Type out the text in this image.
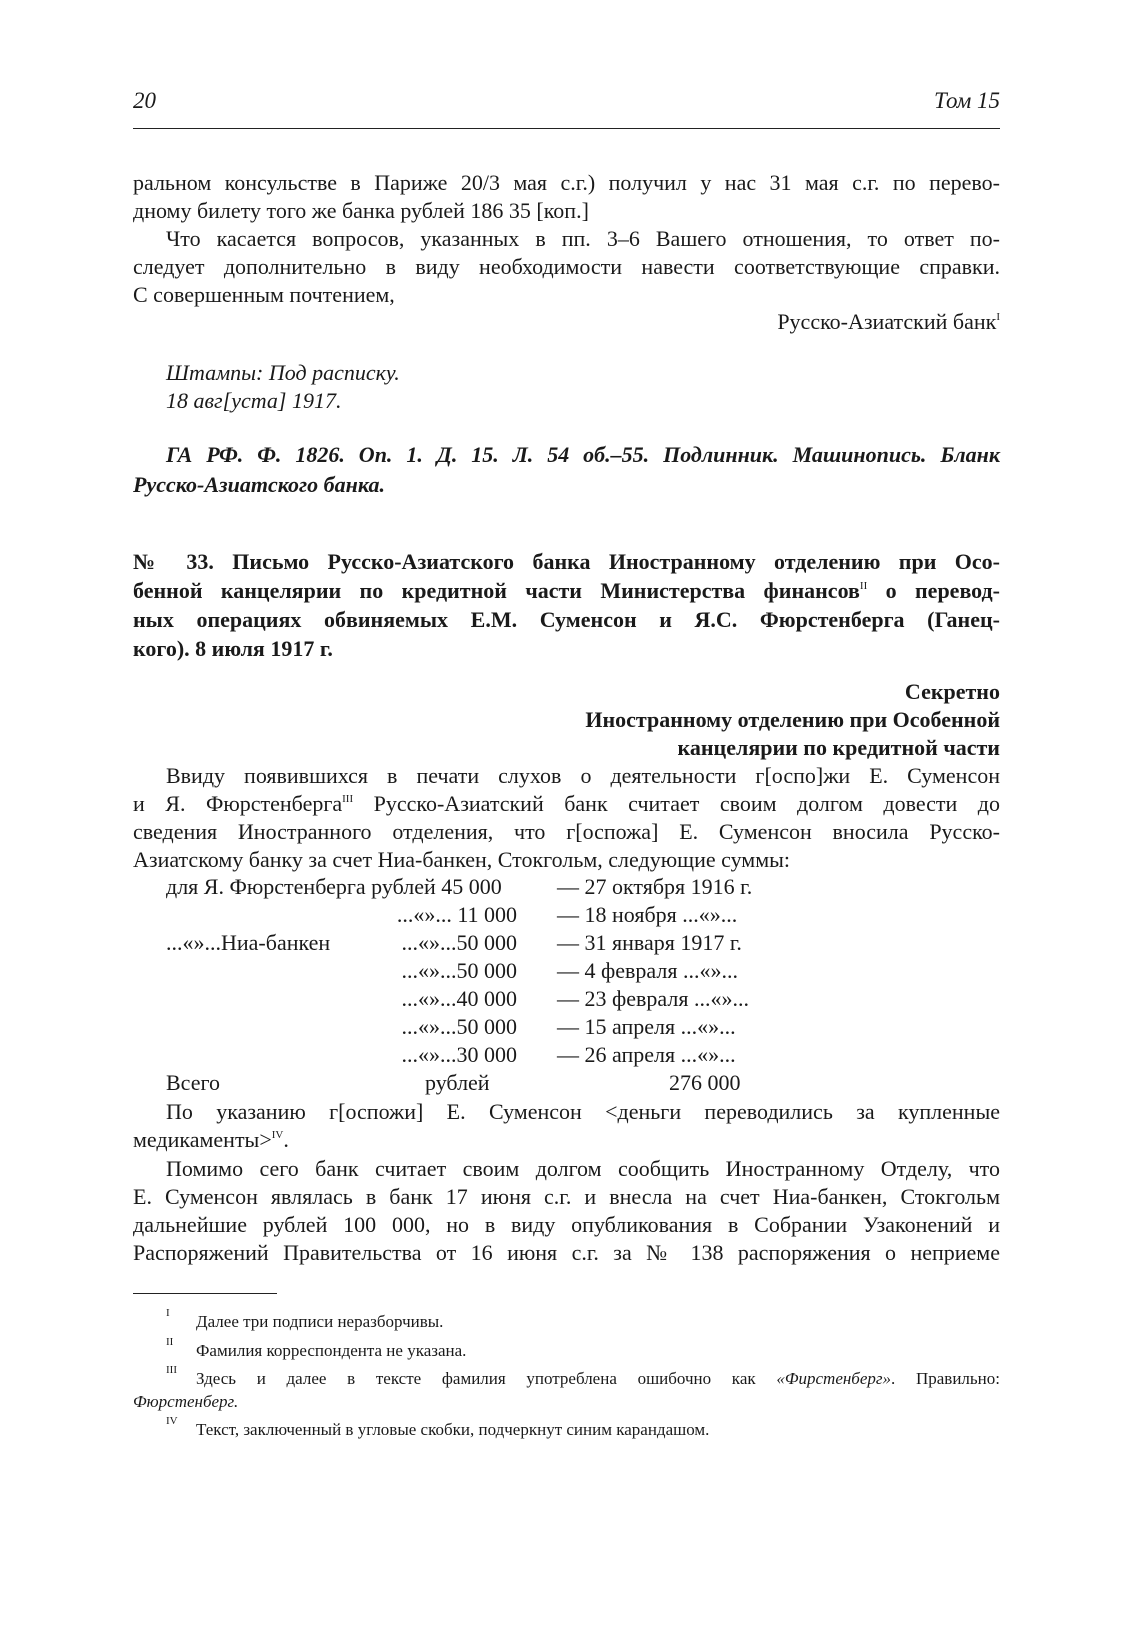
20	Том 15
ральном консульстве в Париже 20/3 мая с.г.) получил у нас 31 мая с.г. по перево-
дному билету того же банка рублей 186 35 [коп.]
Что касается вопросов, указанных в пп. 3–6 Вашего отношения, то ответ по-
следует дополнительно в виду необходимости навести соответствующие справки.
С совершенным почтением,
Русско-Азиатский банк$^I$
Штампы: Под расписку.
18 авг[уста] 1917.
ГА РФ. Ф. 1826. Оп. 1. Д. 15. Л. 54 об.–55. Подлинник. Машинопись. Бланк
Русско-Азиатского банка.
№ 33. Письмо Русско-Азиатского банка Иностранному отделению при Осо-
бенной канцелярии по кредитной части Министерства финансов$^{II}$ о перевод-
ных операциях обвиняемых Е.М. Суменсон и Я.С. Фюрстенберга (Ганец-
кого). 8 июля 1917 г.
Секретно
Иностранному отделению при Особенной
канцелярии по кредитной части
Ввиду появившихся в печати слухов о деятельности г[оспо]жи Е. Суменсон
и Я. Фюрстенберга$^{III}$ Русско-Азиатский банк считает своим долгом довести до
сведения Иностранного отделения, что г[оспожа] Е. Суменсон вносила Русско-
Азиатскому банку за счет Ниа-банкен, Стокгольм, следующие суммы:
для Я. Фюрстенберга рублей 45 000	— 27 октября 1916 г.
...«»... 11 000 — 18 ноября ...«»...
...«»...Ниа-банкен	...«»...50 000 — 31 января 1917 г.
...«»...50 000 — 4 февраля ...«»...
...«»...40 000 — 23 февраля ...«»...
...«»...50 000 — 15 апреля ...«»...
...«»...30 000 — 26 апреля ...«»...
Всего	рублей	276 000
По указанию г[оспожи] Е. Суменсон <деньги переводились за купленные
медикаменты>$^{IV}$.
Помимо сего банк считает своим долгом сообщить Иностранному Отделу, что
Е. Суменсон являлась в банк 17 июня с.г. и внесла на счет Ниа-банкен, Стокгольм
дальнейшие рублей 100 000, но в виду опубликования в Собрании Узаконений и
Распоряжений Правительства от 16 июня с.г. за № 138 распоряжения о неприеме
I Далее три подписи неразборчивы.
II Фамилия корреспондента не указана.
III Здесь и далее в тексте фамилия употреблена ошибочно как «Фирстенберг». Правильно:
Фюрстенберг.
IV Текст, заключенный в угловые скобки, подчеркнут синим карандашом.
